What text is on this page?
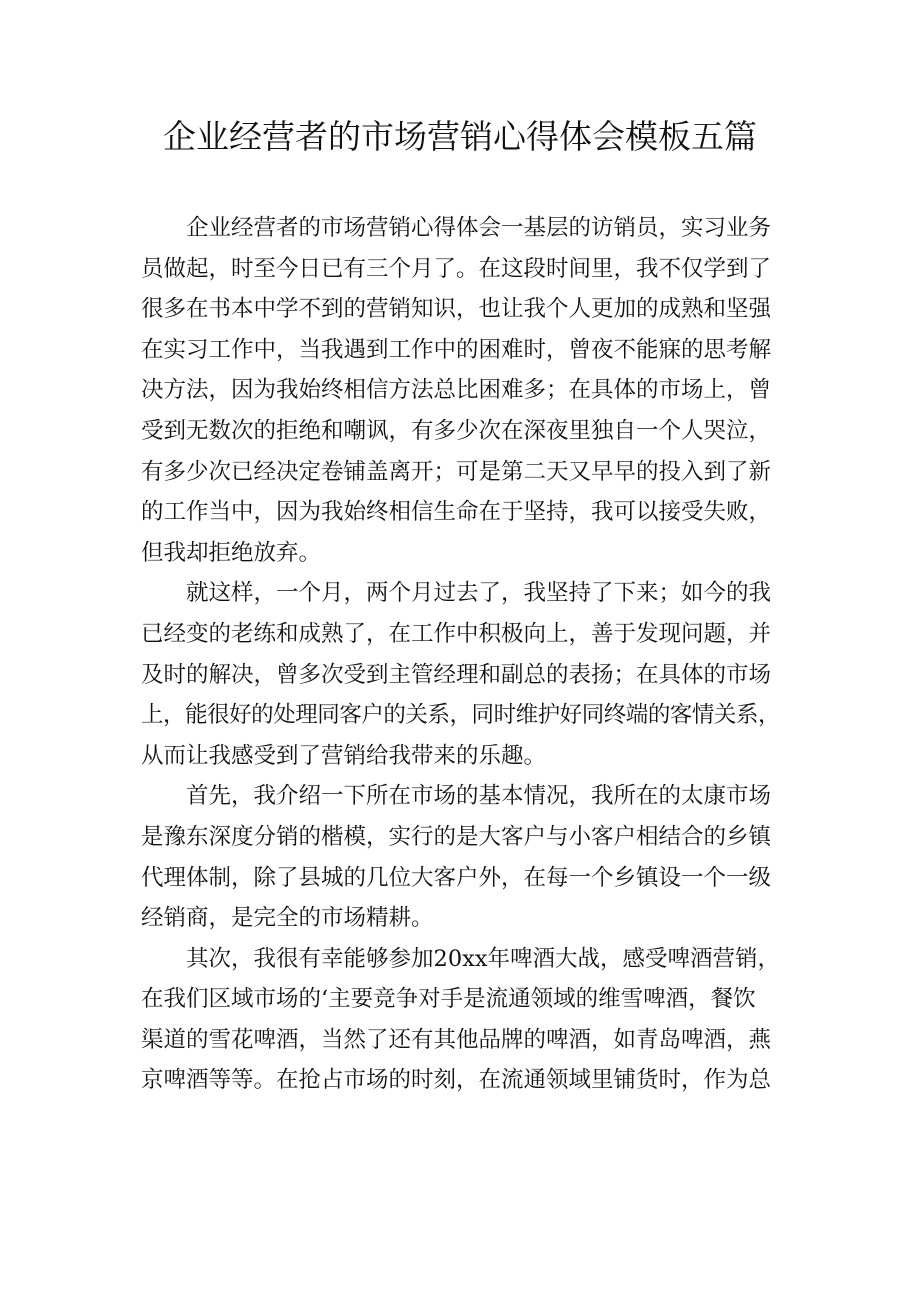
企业经营者的市场营销心得体会模板五篇
企业经营者的市场营销心得体会一基层的访销员，实习业务
员做起，时至今日已有三个月了。在这段时间里，我不仅学到了
很多在书本中学不到的营销知识，也让我个人更加的成熟和坚强
在实习工作中，当我遇到工作中的困难时，曾夜不能寐的思考解
决方法，因为我始终相信方法总比困难多；在具体的市场上，曾
受到无数次的拒绝和嘲讽，有多少次在深夜里独自一个人哭泣，
有多少次已经决定卷铺盖离开；可是第二天又早早的投入到了新
的工作当中，因为我始终相信生命在于坚持，我可以接受失败，
但我却拒绝放弃。
就这样，一个月，两个月过去了，我坚持了下来；如今的我
已经变的老练和成熟了，在工作中积极向上，善于发现问题，并
及时的解决，曾多次受到主管经理和副总的表扬；在具体的市场
上，能很好的处理同客户的关系，同时维护好同终端的客情关系，
从而让我感受到了营销给我带来的乐趣。
首先，我介绍一下所在市场的基本情况，我所在的太康市场
是豫东深度分销的楷模，实行的是大客户与小客户相结合的乡镇
代理体制，除了县城的几位大客户外，在每一个乡镇设一个一级
经销商，是完全的市场精耕。
其次，我很有幸能够参加20xx年啤酒大战，感受啤酒营销，
在我们区域市场的‘主要竞争对手是流通领域的维雪啤酒，餐饮
渠道的雪花啤酒，当然了还有其他品牌的啤酒，如青岛啤酒，燕
京啤酒等等。在抢占市场的时刻，在流通领域里铺货时，作为总
